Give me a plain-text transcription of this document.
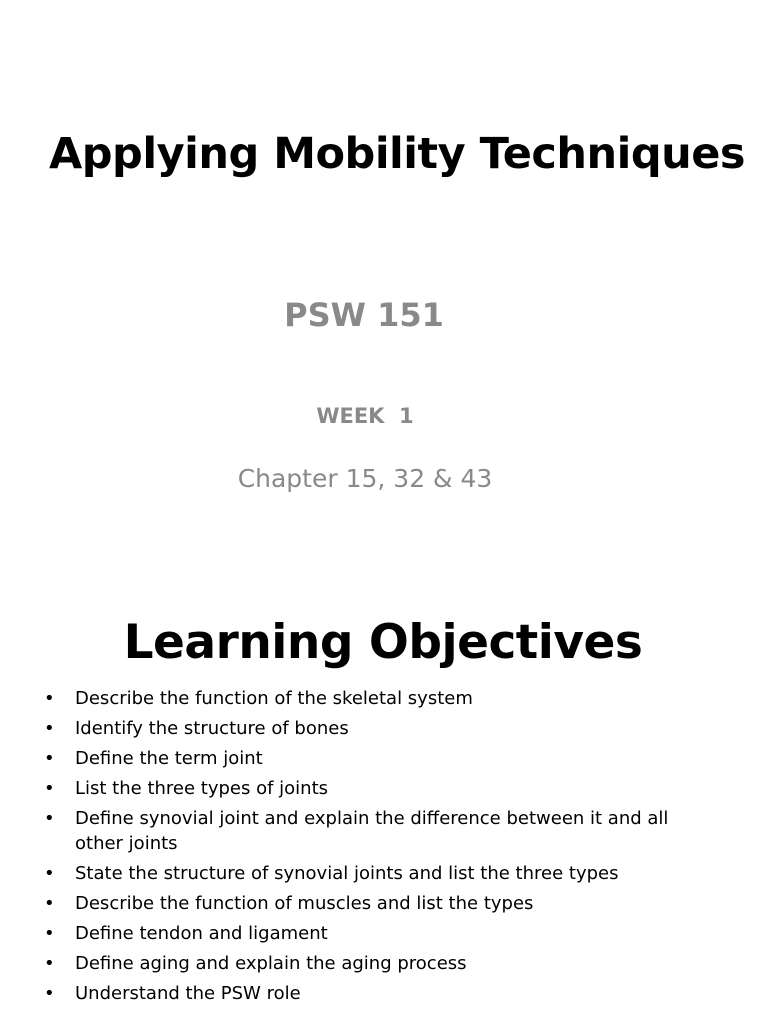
Applying Mobility Techniques
PSW 151
WEEK  1
Chapter 15, 32 & 43
Learning Objectives
• Describe the function of the skeletal system
• Identify the structure of bones
• Define the term joint
• List the three types of joints
• Define synovial joint and explain the difference between it and all other joints
• State the structure of synovial joints and list the three types
• Describe the function of muscles and list the types
• Define tendon and ligament
• Define aging and explain the aging process
• Understand the PSW role
